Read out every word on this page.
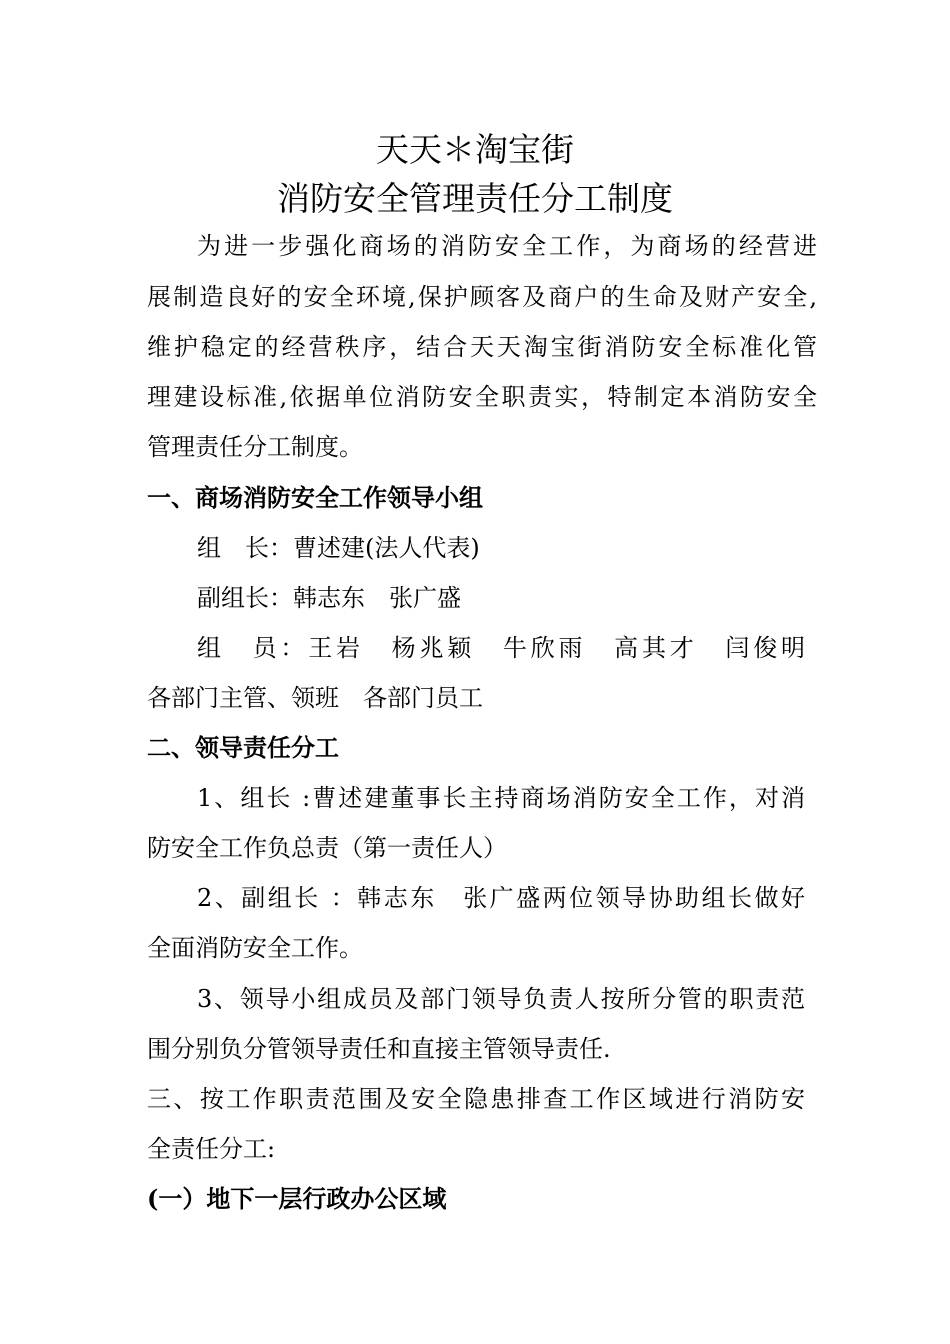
天天＊淘宝街
消防安全管理责任分工制度
为进一步强化商场的消防安全工作，为商场的经营进
展制造良好的安全环境,保护顾客及商户的生命及财产安全,
维护稳定的经营秩序，结合天天淘宝街消防安全标准化管
理建设标准,依据单位消防安全职责实，特制定本消防安全
管理责任分工制度。
一、商场消防安全工作领导小组
组　长：曹述建(法人代表)
副组长：韩志东　张广盛
组　员：王岩　杨兆颖　牛欣雨　高其才　闫俊明
各部门主管、领班　各部门员工
二、领导责任分工
1、组长 :曹述建董事长主持商场消防安全工作，对消
防安全工作负总责（第一责任人）
2、副组长 ：韩志东　张广盛两位领导协助组长做好
全面消防安全工作。
3、领导小组成员及部门领导负责人按所分管的职责范
围分别负分管领导责任和直接主管领导责任.
三、按工作职责范围及安全隐患排查工作区域进行消防安
全责任分工:
(一）地下一层行政办公区域
